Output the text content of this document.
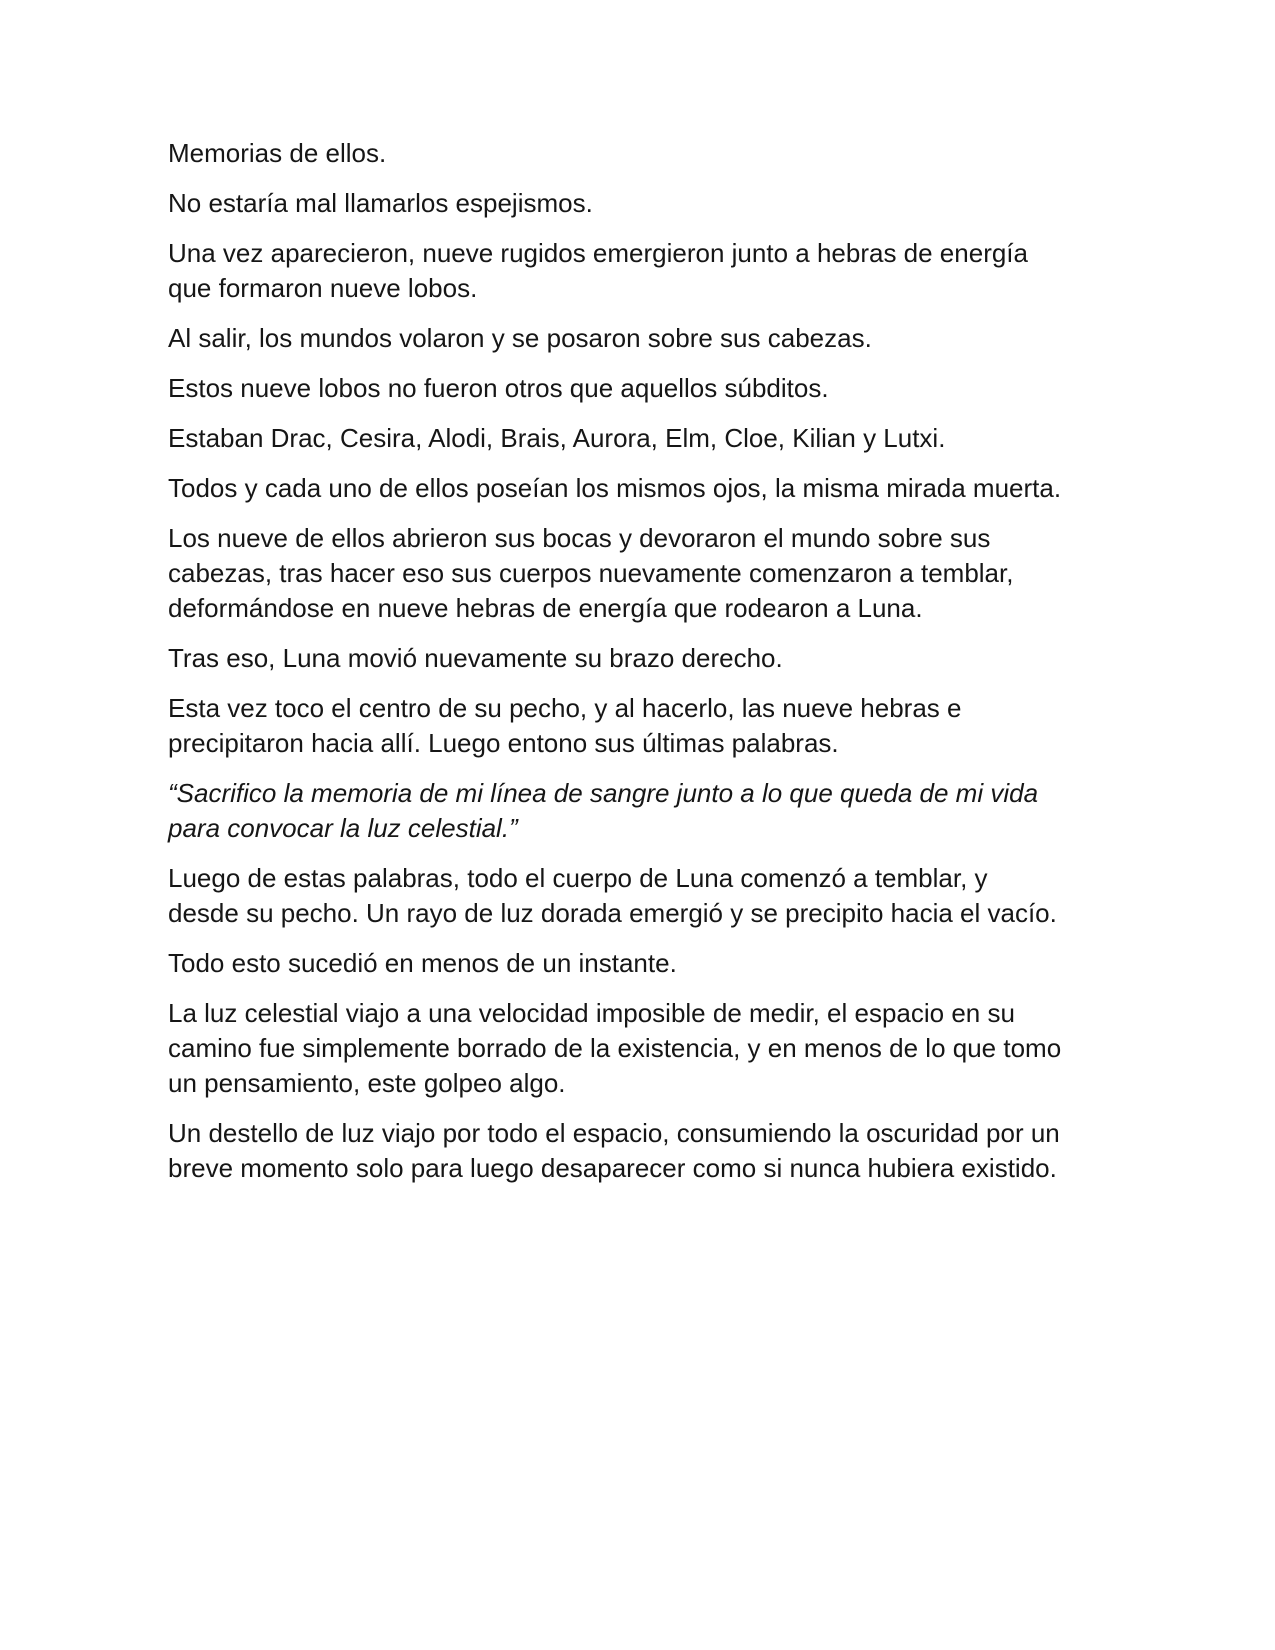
Memorias de ellos.

No estaría mal llamarlos espejismos.

Una vez aparecieron, nueve rugidos emergieron junto a hebras de energía que formaron nueve lobos.

Al salir, los mundos volaron y se posaron sobre sus cabezas.

Estos nueve lobos no fueron otros que aquellos súbditos.

Estaban Drac, Cesira, Alodi, Brais, Aurora, Elm, Cloe, Kilian y Lutxi.

Todos y cada uno de ellos poseían los mismos ojos, la misma mirada muerta.

Los nueve de ellos abrieron sus bocas y devoraron el mundo sobre sus cabezas, tras hacer eso sus cuerpos nuevamente comenzaron a temblar, deformándose en nueve hebras de energía que rodearon a Luna.

Tras eso, Luna movió nuevamente su brazo derecho.

Esta vez toco el centro de su pecho, y al hacerlo, las nueve hebras e precipitaron hacia allí. Luego entono sus últimas palabras.

“Sacrifico la memoria de mi línea de sangre junto a lo que queda de mi vida para convocar la luz celestial.”

Luego de estas palabras, todo el cuerpo de Luna comenzó a temblar, y desde su pecho. Un rayo de luz dorada emergió y se precipito hacia el vacío.

Todo esto sucedió en menos de un instante.

La luz celestial viajo a una velocidad imposible de medir, el espacio en su camino fue simplemente borrado de la existencia, y en menos de lo que tomo un pensamiento, este golpeo algo.

Un destello de luz viajo por todo el espacio, consumiendo la oscuridad por un breve momento solo para luego desaparecer como si nunca hubiera existido.
